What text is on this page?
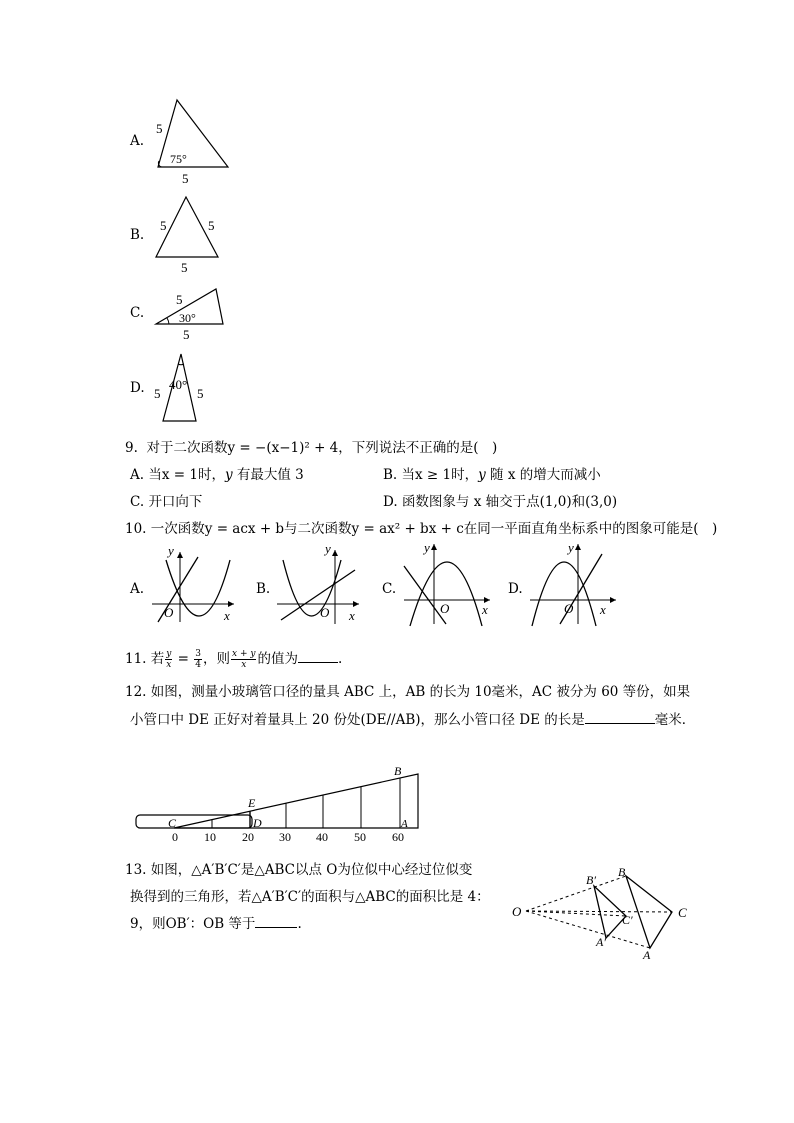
A.
5
5
75°
B.
5	5
5
C.
5
30°
5
D. 40°
5	5
9. 对于二次函数y = −(x−1)² + 4，下列说法不正确的是(　)
A. 当x = 1时，y 有最大值 3	B. 当x ≥ 1时，y 随 x 的增大而减小
C. 开口向下	D. 函数图象与 x 轴交于点(1,0)和(3,0)
10. 一次函数y = acx + b与二次函数y = ax² + bx + c在同一平面直角坐标系中的图象可能是(　)
A.
y
x
O
B.
y
x
O
C.
y
x
O
D.
y
x
O
11. 若 $\frac{y}{x} = \frac{3}{4}$ ，则 $\frac{x + y}{x}$ 的值为	.
12. 如图，测量小玻璃管口径的量具 ABC 上，AB 的长为 10毫米，AC 被分为 60 等份，如果
小管口中 DE 正好对着量具上 20 份处(DE//AB)，那么小管口径 DE 的长是	毫米．
0 10 20 30 40 50 60
B
E
C	D	A
13. 如图，△A′B′C′是△ABC以点 O为位似中心经过位似变
换得到的三角形，若△A′B′C′的面积与△ABC的面积比是 4：
9，则OB′：OB 等于	.
O
B′
B
C′	C
A′
A
